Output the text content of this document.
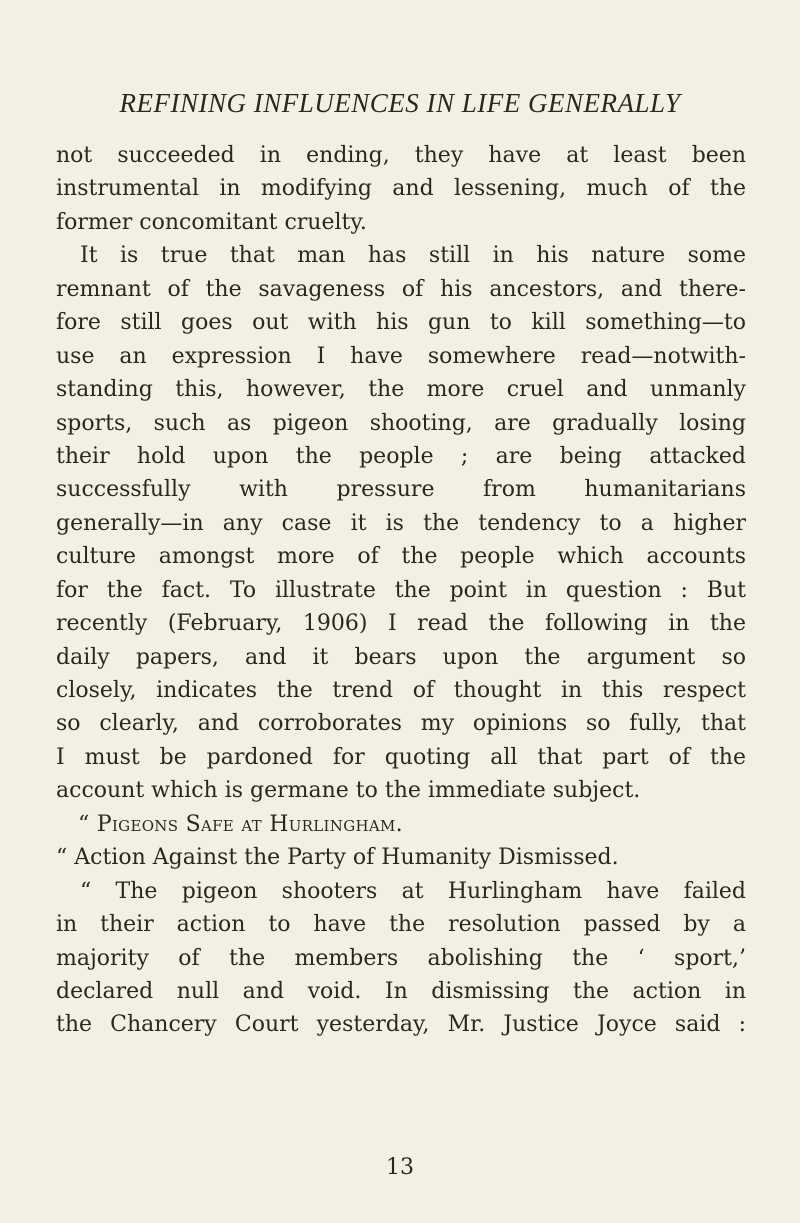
REFINING INFLUENCES IN LIFE GENERALLY
not succeeded in ending, they have at least been
instrumental in modifying and lessening, much of the
former concomitant cruelty.
It is true that man has still in his nature some
remnant of the savageness of his ancestors, and there-
fore still goes out with his gun to kill something—to
use an expression I have somewhere read—notwith-
standing this, however, the more cruel and unmanly
sports, such as pigeon shooting, are gradually losing
their hold upon the people ; are being attacked
successfully with pressure from humanitarians
generally—in any case it is the tendency to a higher
culture amongst more of the people which accounts
for the fact. To illustrate the point in question : But
recently (February, 1906) I read the following in the
daily papers, and it bears upon the argument so
closely, indicates the trend of thought in this respect
so clearly, and corroborates my opinions so fully, that
I must be pardoned for quoting all that part of the
account which is germane to the immediate subject.
“ Pigeons Safe at Hurlingham.
“ Action Against the Party of Humanity Dismissed.
“ The pigeon shooters at Hurlingham have failed
in their action to have the resolution passed by a
majority of the members abolishing the ‘ sport,’
declared null and void. In dismissing the action in
the Chancery Court yesterday, Mr. Justice Joyce said :
13
